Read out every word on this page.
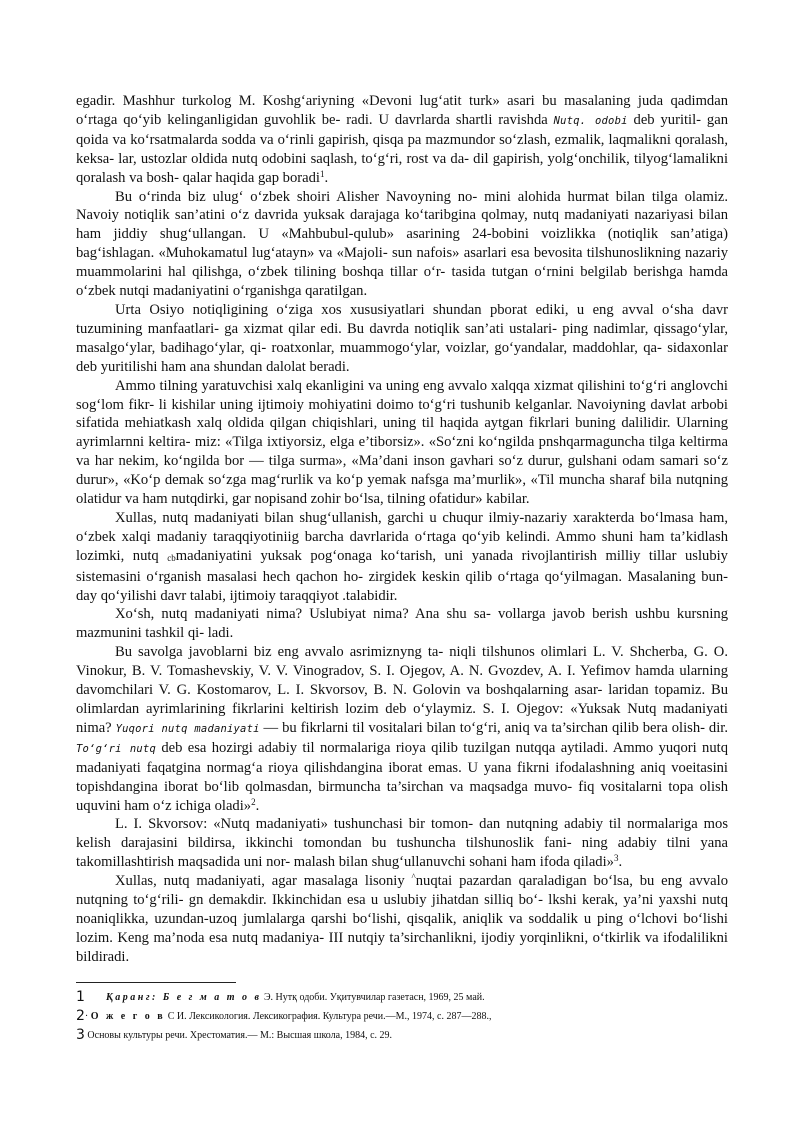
egadir. Mashhur turkolog M. Koshg‘ariyning «Devoni lug‘atit turk» asari bu masalaning juda qadimdan o‘rtaga qo‘yib kelinganligidan guvohlik be- radi. U davrlarda shartli ravishda Nutq. odobi deb yuritil- gan qoida va ko‘rsatmalarda sodda va o‘rinli gapirish, qisqa pa mazmundor so‘zlash, ezmalik, laqmalikni qoralash, keksa- lar, ustozlar oldida nutq odobini saqlash, to‘g‘ri, rost va da- dil gapirish, yolg‘onchilik, tilyog‘lamalikni qoralash va bosh- qalar haqida gap boradi$^1$.

Bu o‘rinda biz ulug‘ o‘zbek shoiri Alisher Navoyning no- mini alohida hurmat bilan tilga olamiz. Navoiy notiqlik san’atini o‘z davrida yuksak darajaga ko‘taribgina qolmay, nutq madaniyati nazariyasi bilan ham jiddiy shug‘ullangan. U «Mahbubul-qulub» asarining 24-bobini voizlikka (notiqlik san’atiga) bag‘ishlagan. «Muhokamatul lug‘atayn» va «Majoli- sun nafois» asarlari esa bevosita tilshunoslikning nazariy muammolarini hal qilishga, o‘zbek tilining boshqa tillar o‘r- tasida tutgan o‘rnini belgilab berishga hamda o‘zbek nutqi madaniyatini o‘rganishga qaratilgan.

Urta Osiyo notiqligining o‘ziga xos xususiyatlari shundan pborat ediki, u eng avval o‘sha davr tuzumining manfaatlari- ga xizmat qilar edi. Bu davrda notiqlik san’ati ustalari- ping nadimlar, qissago‘ylar, masalgo‘ylar, badihago‘ylar, qi- roatxonlar, muammogo‘ylar, voizlar, go‘yandalar, maddohlar, qa- sidaxonlar deb yuritilishi ham ana shundan dalolat beradi.

Ammo tilning yaratuvchisi xalq ekanligini va uning eng avvalo xalqqa xizmat qilishini to‘g‘ri anglovchi sog‘lom fikr- li kishilar uning ijtimoiy mohiyatini doimo to‘g‘ri tushunib kelganlar. Navoiyning davlat arbobi sifatida mehiatkash xalq oldida qilgan chiqishlari, uning til haqida aytgan fikrlari buning dalilidir. Ularning ayrimlarnni keltira- miz: «Tilga ixtiyorsiz, elga e’tiborsiz». «So‘zni ko‘ngilda pnshqarmaguncha tilga keltirma va har nekim, ko‘ngilda bor — tilga surma», «Ma’dani inson gavhari so‘z durur, gulshani odam samari so‘z durur», «Ko‘p demak so‘zga mag‘rurlik va ko‘p yemak nafsga ma’murlik», «Til muncha sharaf bila nutqning olatidur va ham nutqdirki, gar nopisand zohir bo‘lsa, tilning ofatidur» kabilar.

Xullas, nutq madaniyati bilan shug‘ullanish, garchi u chuqur ilmiy-nazariy xarakterda bo‘lmasa ham, o‘zbek xalqi madaniy taraqqiyotiniig barcha davrlarida o‘rtaga qo‘yib kelindi. Ammo shuni ham ta’kidlash lozimki, nutq cbmadaniyatini yuksak pog‘onaga ko‘tarish, uni yanada rivojlantirish milliy tillar uslubiy sistemasini o‘rganish masalasi hech qachon ho- zirgidek keskin qilib o‘rtaga qo‘yilmagan. Masalaning bun- day qo‘yilishi davr talabi, ijtimoiy taraqqiyot .talabidir.

Xo‘sh, nutq madaniyati nima? Uslubiyat nima? Ana shu sa- vollarga javob berish ushbu kursning mazmunini tashkil qi- ladi.

Bu savolga javoblarni biz eng avvalo asrimiznyng ta- niqli tilshunos olimlari L. V. Shcherba, G. O. Vinokur, B. V. Tomashevskiy, V. V. Vinogradov, S. I. Ojegov, A. N. Gvozdev, A. I. Yefimov hamda ularning davomchilari V. G. Kostomarov, L. I. Skvorsov, B. N. Golovin va boshqalarning asar- laridan topamiz. Bu olimlardan ayrimlarining fikrlarini keltirish lozim deb o‘ylaymiz. S. I. Ojegov: «Yuksak Nutq madaniyati nima? Yuqori nutq madaniyati — bu fikrlarni til vositalari bilan to‘g‘ri, aniq va ta’sirchan qilib bera olish- dir. To‘g‘ri nutq deb esa hozirgi adabiy til normalariga rioya qilib tuzilgan nutqqa aytiladi. Ammo yuqori nutq madaniyati faqatgina normag‘a rioya qilishdangina iborat emas. U yana fikrni ifodalashning aniq voeitasini topishdangina iborat bo‘lib qolmasdan, birmuncha ta’sirchan va maqsadga muvo- fiq vositalarni topa olish uquvini ham o‘z ichiga oladi»$^2$.

L. I. Skvorsov: «Nutq madaniyati» tushunchasi bir tomon- dan nutqning adabiy til normalariga mos kelish darajasini bildirsa, ikkinchi tomondan bu tushuncha tilshunoslik fani- ning adabiy tilni yana takomillashtirish maqsadida uni nor- malash bilan shug‘ullanuvchi sohani ham ifoda qiladi»$^3$.

Xullas, nutq madaniyati, agar masalaga lisoniy ^nuqtai pazardan qaraladigan bo‘lsa, bu eng avvalo nutqning to‘g‘rili- gn demakdir. Ikkinchidan esa u uslubiy jihatdan silliq bo‘- lkshi kerak, ya’ni yaxshi nutq noaniqlikka, uzundan-uzoq jumlalarga qarshi bo‘lishi, qisqalik, aniqlik va soddalik u ping o‘lchovi bo‘lishi lozim. Keng ma’noda esa nutq madaniya- III nutqiy ta’sirchanlikni, ijodiy yorqinlikni, o‘tkirlik va ifodalilikni bildiradi.

1 Қаранг: Б е г м а т о в Э. Нутқ одоби. Уқитувчилар газетасн, 1969, 25 май.
2· О ж е г о в С И. Лексикология. Лексикография. Культура речи.—М., 1974, с. 287—288.,
3 Основы культуры речи. Хрестоматия.— М.: Высшая школа, 1984, с. 29.
